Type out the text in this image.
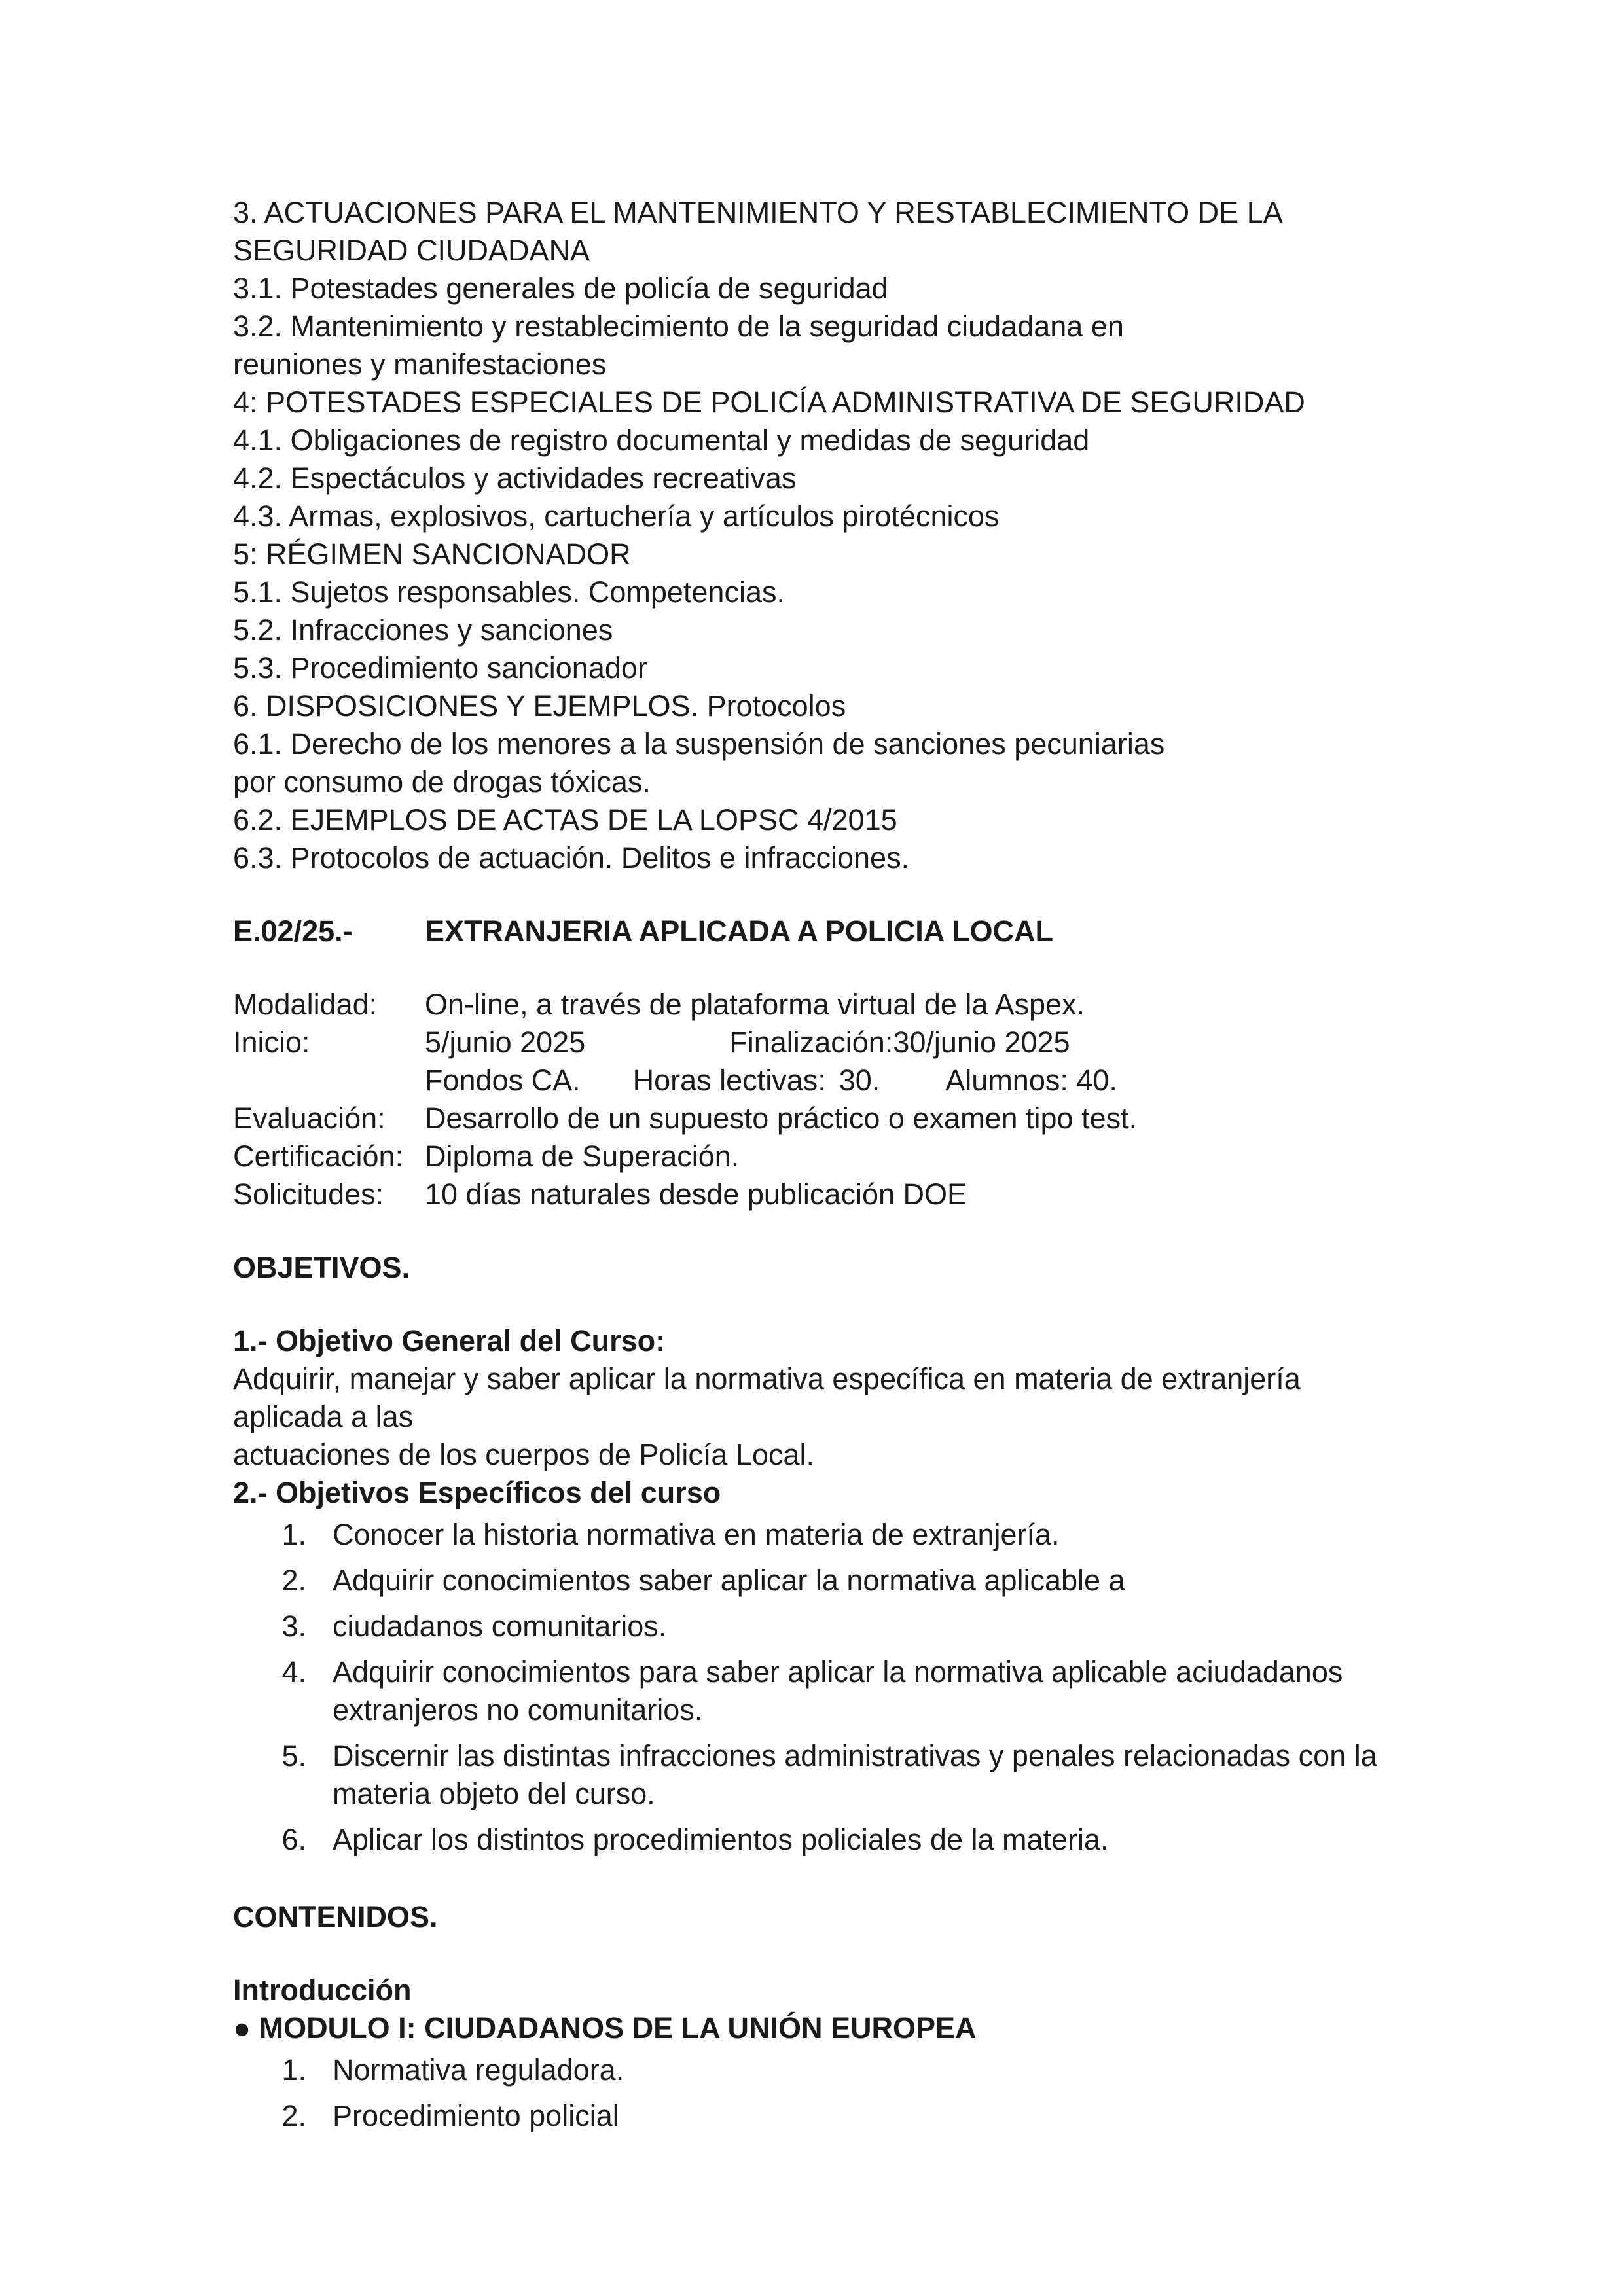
3. ACTUACIONES PARA EL MANTENIMIENTO Y RESTABLECIMIENTO DE LA
SEGURIDAD CIUDADANA
3.1. Potestades generales de policía de seguridad
3.2. Mantenimiento y restablecimiento de la seguridad ciudadana en
reuniones y manifestaciones
4: POTESTADES ESPECIALES DE POLICÍA ADMINISTRATIVA DE SEGURIDAD
4.1. Obligaciones de registro documental y medidas de seguridad
4.2. Espectáculos y actividades recreativas
4.3. Armas, explosivos, cartuchería y artículos pirotécnicos
5: RÉGIMEN SANCIONADOR
5.1. Sujetos responsables. Competencias.
5.2. Infracciones y sanciones
5.3. Procedimiento sancionador
6. DISPOSICIONES Y EJEMPLOS. Protocolos
6.1. Derecho de los menores a la suspensión de sanciones pecuniarias
por consumo de drogas tóxicas.
6.2. EJEMPLOS DE ACTAS DE LA LOPSC 4/2015
6.3. Protocolos de actuación. Delitos e infracciones.
E.02/25.-	EXTRANJERIA APLICADA A POLICIA LOCAL
Modalidad:	On-line, a través de plataforma virtual de la Aspex.
Inicio:	5/junio 2025	Finalización: 30/junio 2025
Fondos CA. Horas lectivas: 30. Alumnos: 40.
Evaluación:	Desarrollo de un supuesto práctico o examen tipo test.
Certificación: Diploma de Superación.
Solicitudes:	10 días naturales desde publicación DOE
OBJETIVOS.
1.- Objetivo General del Curso:
Adquirir, manejar y saber aplicar la normativa específica en materia de extranjería aplicada a las
actuaciones de los cuerpos de Policía Local.
2.- Objetivos Específicos del curso
1. Conocer la historia normativa en materia de extranjería.
2. Adquirir conocimientos saber aplicar la normativa aplicable a
3. ciudadanos comunitarios.
4. Adquirir conocimientos para saber aplicar la normativa aplicable aciudadanos extranjeros no comunitarios.
5. Discernir las distintas infracciones administrativas y penales relacionadas con la materia objeto del curso.
6. Aplicar los distintos procedimientos policiales de la materia.
CONTENIDOS.
Introducción
● MODULO I: CIUDADANOS DE LA UNIÓN EUROPEA
1. Normativa reguladora.
2. Procedimiento policial
